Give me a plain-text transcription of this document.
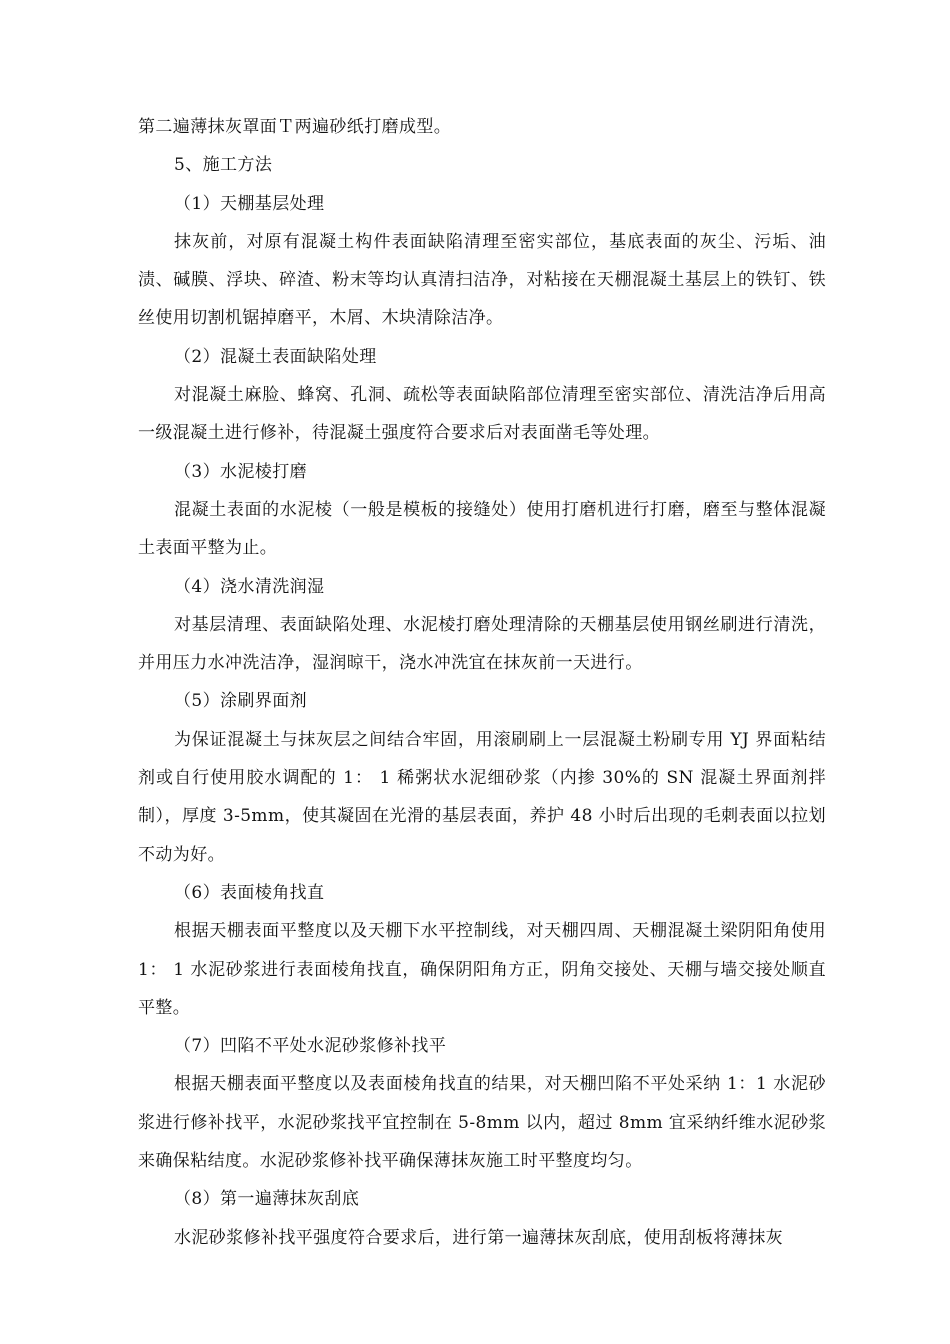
第二遍薄抹灰罩面Ｔ两遍砂纸打磨成型。

5、施工方法

（1）天棚基层处理

抹灰前，对原有混凝土构件表面缺陷清理至密实部位，基底表面的灰尘、污垢、油渍、碱膜、浮块、碎渣、粉末等均认真清扫洁净，对粘接在天棚混凝土基层上的铁钉、铁丝使用切割机锯掉磨平，木屑、木块清除洁净。

（2）混凝土表面缺陷处理

对混凝土麻脸、蜂窝、孔洞、疏松等表面缺陷部位清理至密实部位、清洗洁净后用高一级混凝土进行修补，待混凝土强度符合要求后对表面凿毛等处理。

（3）水泥棱打磨

混凝土表面的水泥棱（一般是模板的接缝处）使用打磨机进行打磨，磨至与整体混凝土表面平整为止。

（4）浇水清洗润湿

对基层清理、表面缺陷处理、水泥棱打磨处理清除的天棚基层使用钢丝刷进行清洗，并用压力水冲洗洁净，湿润晾干，浇水冲洗宜在抹灰前一天进行。

（5）涂刷界面剂

为保证混凝土与抹灰层之间结合牢固，用滚刷刷上一层混凝土粉刷专用 YJ 界面粘结剂或自行使用胶水调配的 1： 1 稀粥状水泥细砂浆（内掺 30%的 SN 混凝土界面剂拌制），厚度 3-5mm，使其凝固在光滑的基层表面，养护 48 小时后出现的毛刺表面以拉划不动为好。

（6）表面棱角找直

根据天棚表面平整度以及天棚下水平控制线，对天棚四周、天棚混凝土梁阴阳角使用 1： 1 水泥砂浆进行表面棱角找直，确保阴阳角方正，阴角交接处、天棚与墙交接处顺直平整。

（7）凹陷不平处水泥砂浆修补找平

根据天棚表面平整度以及表面棱角找直的结果，对天棚凹陷不平处采纳 1：1 水泥砂浆进行修补找平，水泥砂浆找平宜控制在 5-8mm 以内，超过 8mm 宜采纳纤维水泥砂浆来确保粘结度。水泥砂浆修补找平确保薄抹灰施工时平整度均匀。

（8）第一遍薄抹灰刮底

水泥砂浆修补找平强度符合要求后，进行第一遍薄抹灰刮底，使用刮板将薄抹灰
